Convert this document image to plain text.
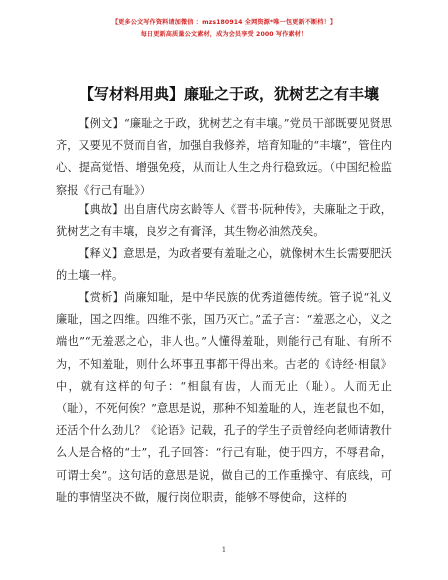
【更多公文写作资料请加微信 ：mzs180914 全网资源*唯一包更新不断档！】
每日更新高质量公文素材，成为会员享受 2000 写作素材！
【写材料用典】廉耻之于政，犹树艺之有丰壤

【例文】“廉耻之于政，犹树艺之有丰壤。”党员干部既要见贤思齐，又要见不贤而自省，加强自我修养，培育知耻的“丰壤”，管住内心、提高觉悟、增强免疫，从而让人生之舟行稳致远。（中国纪检监察报《行己有耻》）

【典故】出自唐代房玄龄等人《晋书·阮种传》，夫廉耻之于政，犹树艺之有丰壤，良岁之有膏泽，其生物必油然茂矣。

【释义】意思是，为政者要有羞耻之心，就像树木生长需要肥沃的土壤一样。

【赏析】尚廉知耻，是中华民族的优秀道德传统。管子说“礼义廉耻，国之四维。四维不张，国乃灭亡。”孟子言：“羞恶之心，义之端也”“无羞恶之心，非人也。”人懂得羞耻，则能行己有耻、有所不为，不知羞耻，则什么坏事丑事都干得出来。古老的《诗经·相鼠》中，就有这样的句子：“相鼠有齿，人而无止（耻）。人而无止（耻），不死何俟？”意思是说，那种不知羞耻的人，连老鼠也不如，还活个什么劲儿？《论语》记载，孔子的学生子贡曾经向老师请教什么人是合格的“士”，孔子回答：“行己有耻，使于四方，不辱君命，可谓士矣”。这句话的意思是说，做自己的工作重操守、有底线，可耻的事情坚决不做，履行岗位职责，能够不辱使命，这样的

1
